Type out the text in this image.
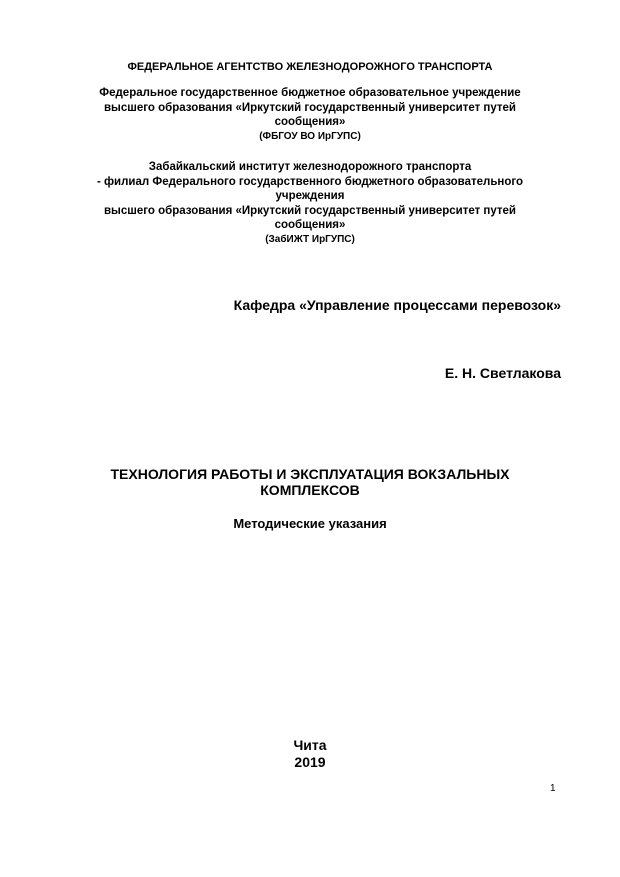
ФЕДЕРАЛЬНОЕ АГЕНТСТВО ЖЕЛЕЗНОДОРОЖНОГО ТРАНСПОРТА
Федеральное государственное бюджетное образовательное учреждение
высшего образования «Иркутский государственный университет путей
сообщения»
(ФБГОУ ВО ИрГУПС)
Забайкальский институт железнодорожного транспорта
- филиал Федерального государственного бюджетного образовательного
учреждения
высшего образования «Иркутский государственный университет путей
сообщения»
(ЗабИЖТ ИрГУПС)
Кафедра «Управление процессами перевозок»
Е. Н. Светлакова
ТЕХНОЛОГИЯ РАБОТЫ И ЭКСПЛУАТАЦИЯ ВОКЗАЛЬНЫХ
КОМПЛЕКСОВ
Методические указания
Чита
2019
1
